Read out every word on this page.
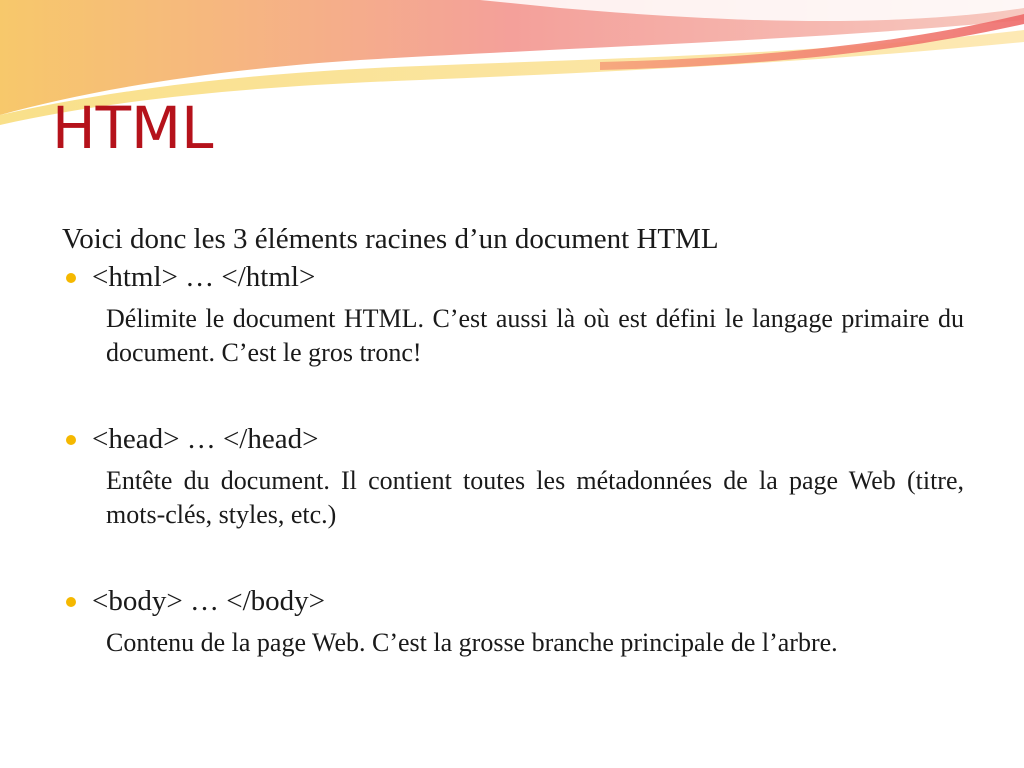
HTML

Voici donc les 3 éléments racines d’un document HTML

<html> … </html>

Délimite le document HTML. C’est aussi là où est défini le langage primaire du document. C’est le gros tronc!

<head> … </head>

Entête du document. Il contient toutes les métadonnées de la page Web (titre, mots-clés, styles, etc.)

<body> … </body>

Contenu de la page Web. C’est la grosse branche principale de l’arbre.
